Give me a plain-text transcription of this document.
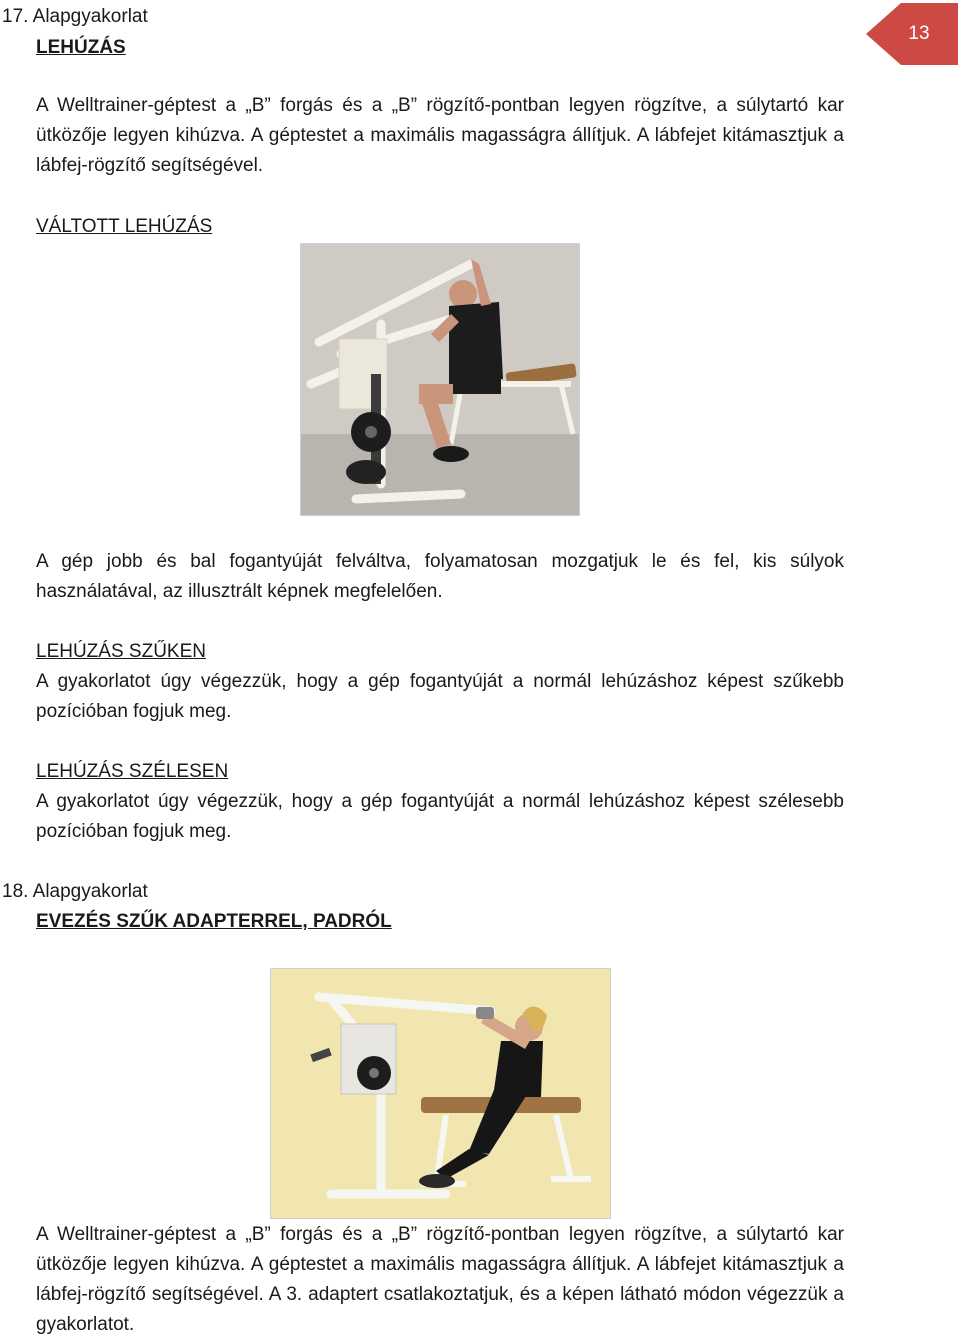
13
17. Alapgyakorlat
LEHÚZÁS
A Welltrainer-géptest a „B” forgás és a „B” rögzítő-pontban legyen rögzítve, a súlytartó kar ütközője legyen kihúzva. A géptestet a maximális magasságra állítjuk. A lábfejet kitámasztjuk a lábfej-rögzítő segítségével.
VÁLTOTT LEHÚZÁS
A gép jobb és bal fogantyúját felváltva, folyamatosan mozgatjuk le és fel, kis súlyok használatával, az illusztrált képnek megfelelően.
LEHÚZÁS SZŰKEN
A gyakorlatot úgy végezzük, hogy a gép fogantyúját a normál lehúzáshoz képest szűkebb pozícióban fogjuk meg.
LEHÚZÁS SZÉLESEN
A gyakorlatot úgy végezzük, hogy a gép fogantyúját a normál lehúzáshoz képest szélesebb pozícióban fogjuk meg.
18. Alapgyakorlat
EVEZÉS SZŰK ADAPTERREL, PADRÓL
A Welltrainer-géptest a „B” forgás és a „B” rögzítő-pontban legyen rögzítve, a súlytartó kar ütközője legyen kihúzva. A géptestet a maximális magasságra állítjuk. A lábfejet kitámasztjuk a lábfej-rögzítő segítségével. A 3. adaptert csatlakoztatjuk, és a képen látható módon végezzük a gyakorlatot.
